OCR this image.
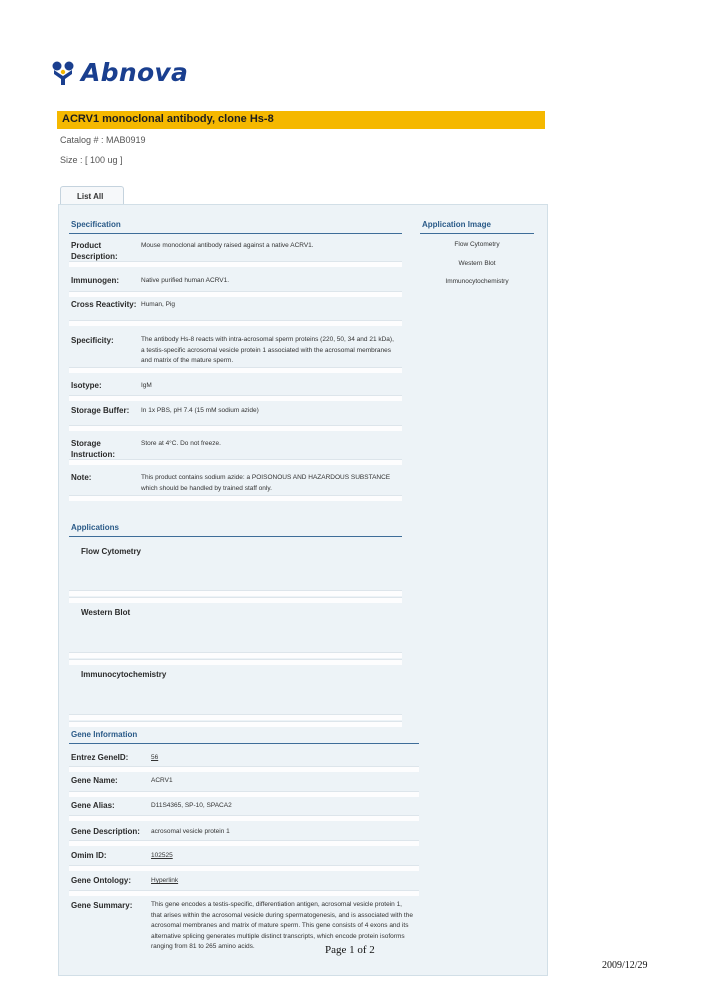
Abnova
ACRV1 monoclonal antibody, clone Hs-8
Catalog # : MAB0919
Size : [ 100 ug ]
List All
Specification
Product Description:
Mouse monoclonal antibody raised against a native ACRV1.
Immunogen:	Native purified human ACRV1.
Cross Reactivity: Human, Pig
Specificity:	The antibody Hs-8 reacts with intra-acrosomal sperm proteins (220, 50, 34 and 21 kDa), a testis-specific acrosomal vesicle protein 1 associated with the acrosomal membranes and matrix of the mature sperm.
Isotype:	IgM
Storage Buffer:	In 1x PBS, pH 7.4 (15 mM sodium azide)
Storage Instruction:
Store at 4°C. Do not freeze.
Note:	This product contains sodium azide: a POISONOUS AND HAZARDOUS SUBSTANCE which should be handled by trained staff only.
Application Image
Flow Cytometry
Western Blot
Immunocytochemistry
Applications
Flow Cytometry
Western Blot
Immunocytochemistry
Gene Information
Entrez GeneID:	56
Gene Name:	ACRV1
Gene Alias:	D11S4365, SP-10, SPACA2
Gene Description: acrosomal vesicle protein 1
Omim ID:	102525
Gene Ontology:	Hyperlink
Gene Summary:	This gene encodes a testis-specific, differentiation antigen, acrosomal vesicle protein 1, that arises within the acrosomal vesicle during spermatogenesis, and is associated with the acrosomal membranes and matrix of mature sperm. This gene consists of 4 exons and its alternative splicing generates multiple distinct transcripts, which encode protein isoforms ranging from 81 to 265 amino acids.	Page 1 of 2
2009/12/29
